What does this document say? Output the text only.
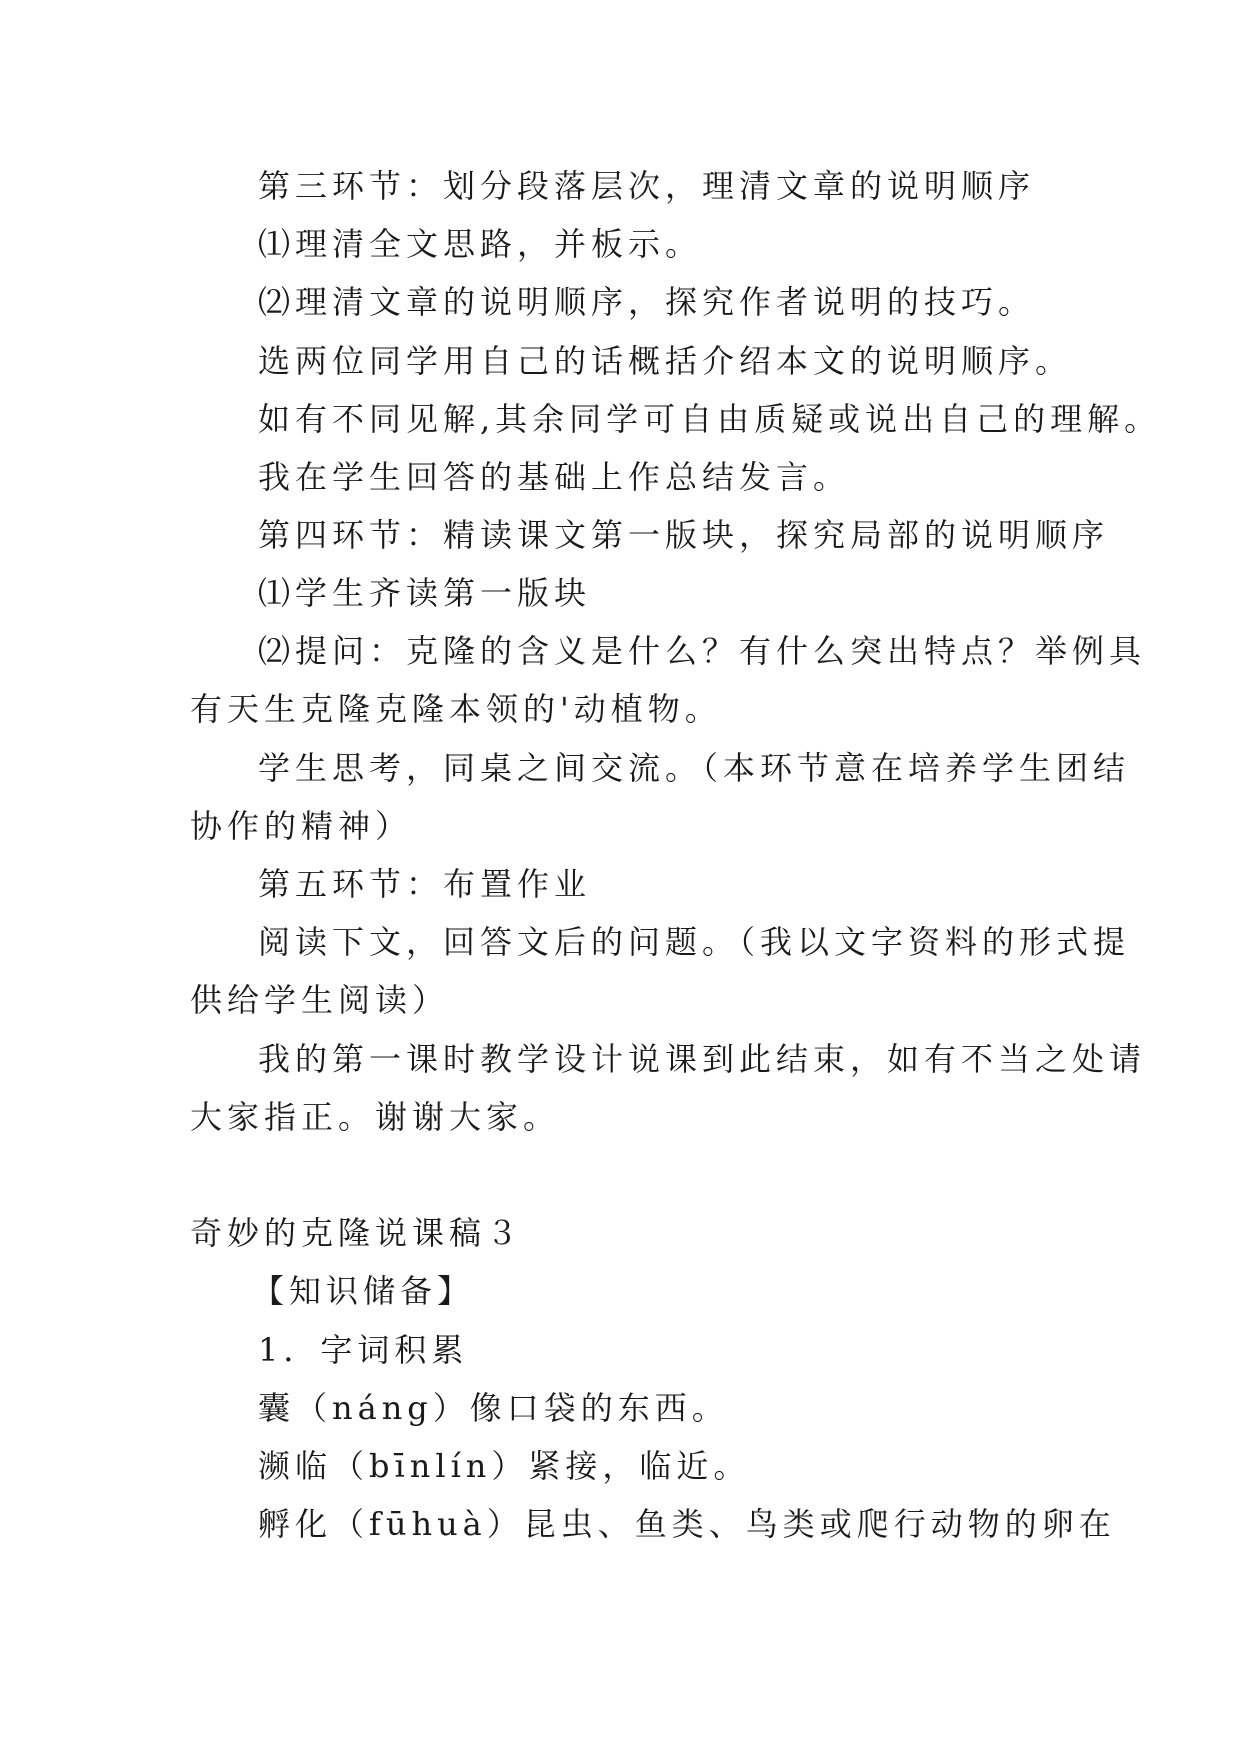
第三环节：划分段落层次，理清文章的说明顺序
⑴理清全文思路，并板示。
⑵理清文章的说明顺序，探究作者说明的技巧。
选两位同学用自己的话概括介绍本文的说明顺序。
如有不同见解,其余同学可自由质疑或说出自己的理解。
我在学生回答的基础上作总结发言。
第四环节：精读课文第一版块，探究局部的说明顺序
⑴学生齐读第一版块
⑵提问：克隆的含义是什么？有什么突出特点？举例具
有天生克隆克隆本领的'动植物。
学生思考，同桌之间交流。（本环节意在培养学生团结
协作的精神）
第五环节：布置作业
阅读下文，回答文后的问题。（我以文字资料的形式提
供给学生阅读）
我的第一课时教学设计说课到此结束，如有不当之处请
大家指正。谢谢大家。
奇妙的克隆说课稿３
【知识储备】
1．字词积累
囊（náng）像口袋的东西。
濒临（bīnlín）紧接，临近。
孵化（fūhuà）昆虫、鱼类、鸟类或爬行动物的卵在
